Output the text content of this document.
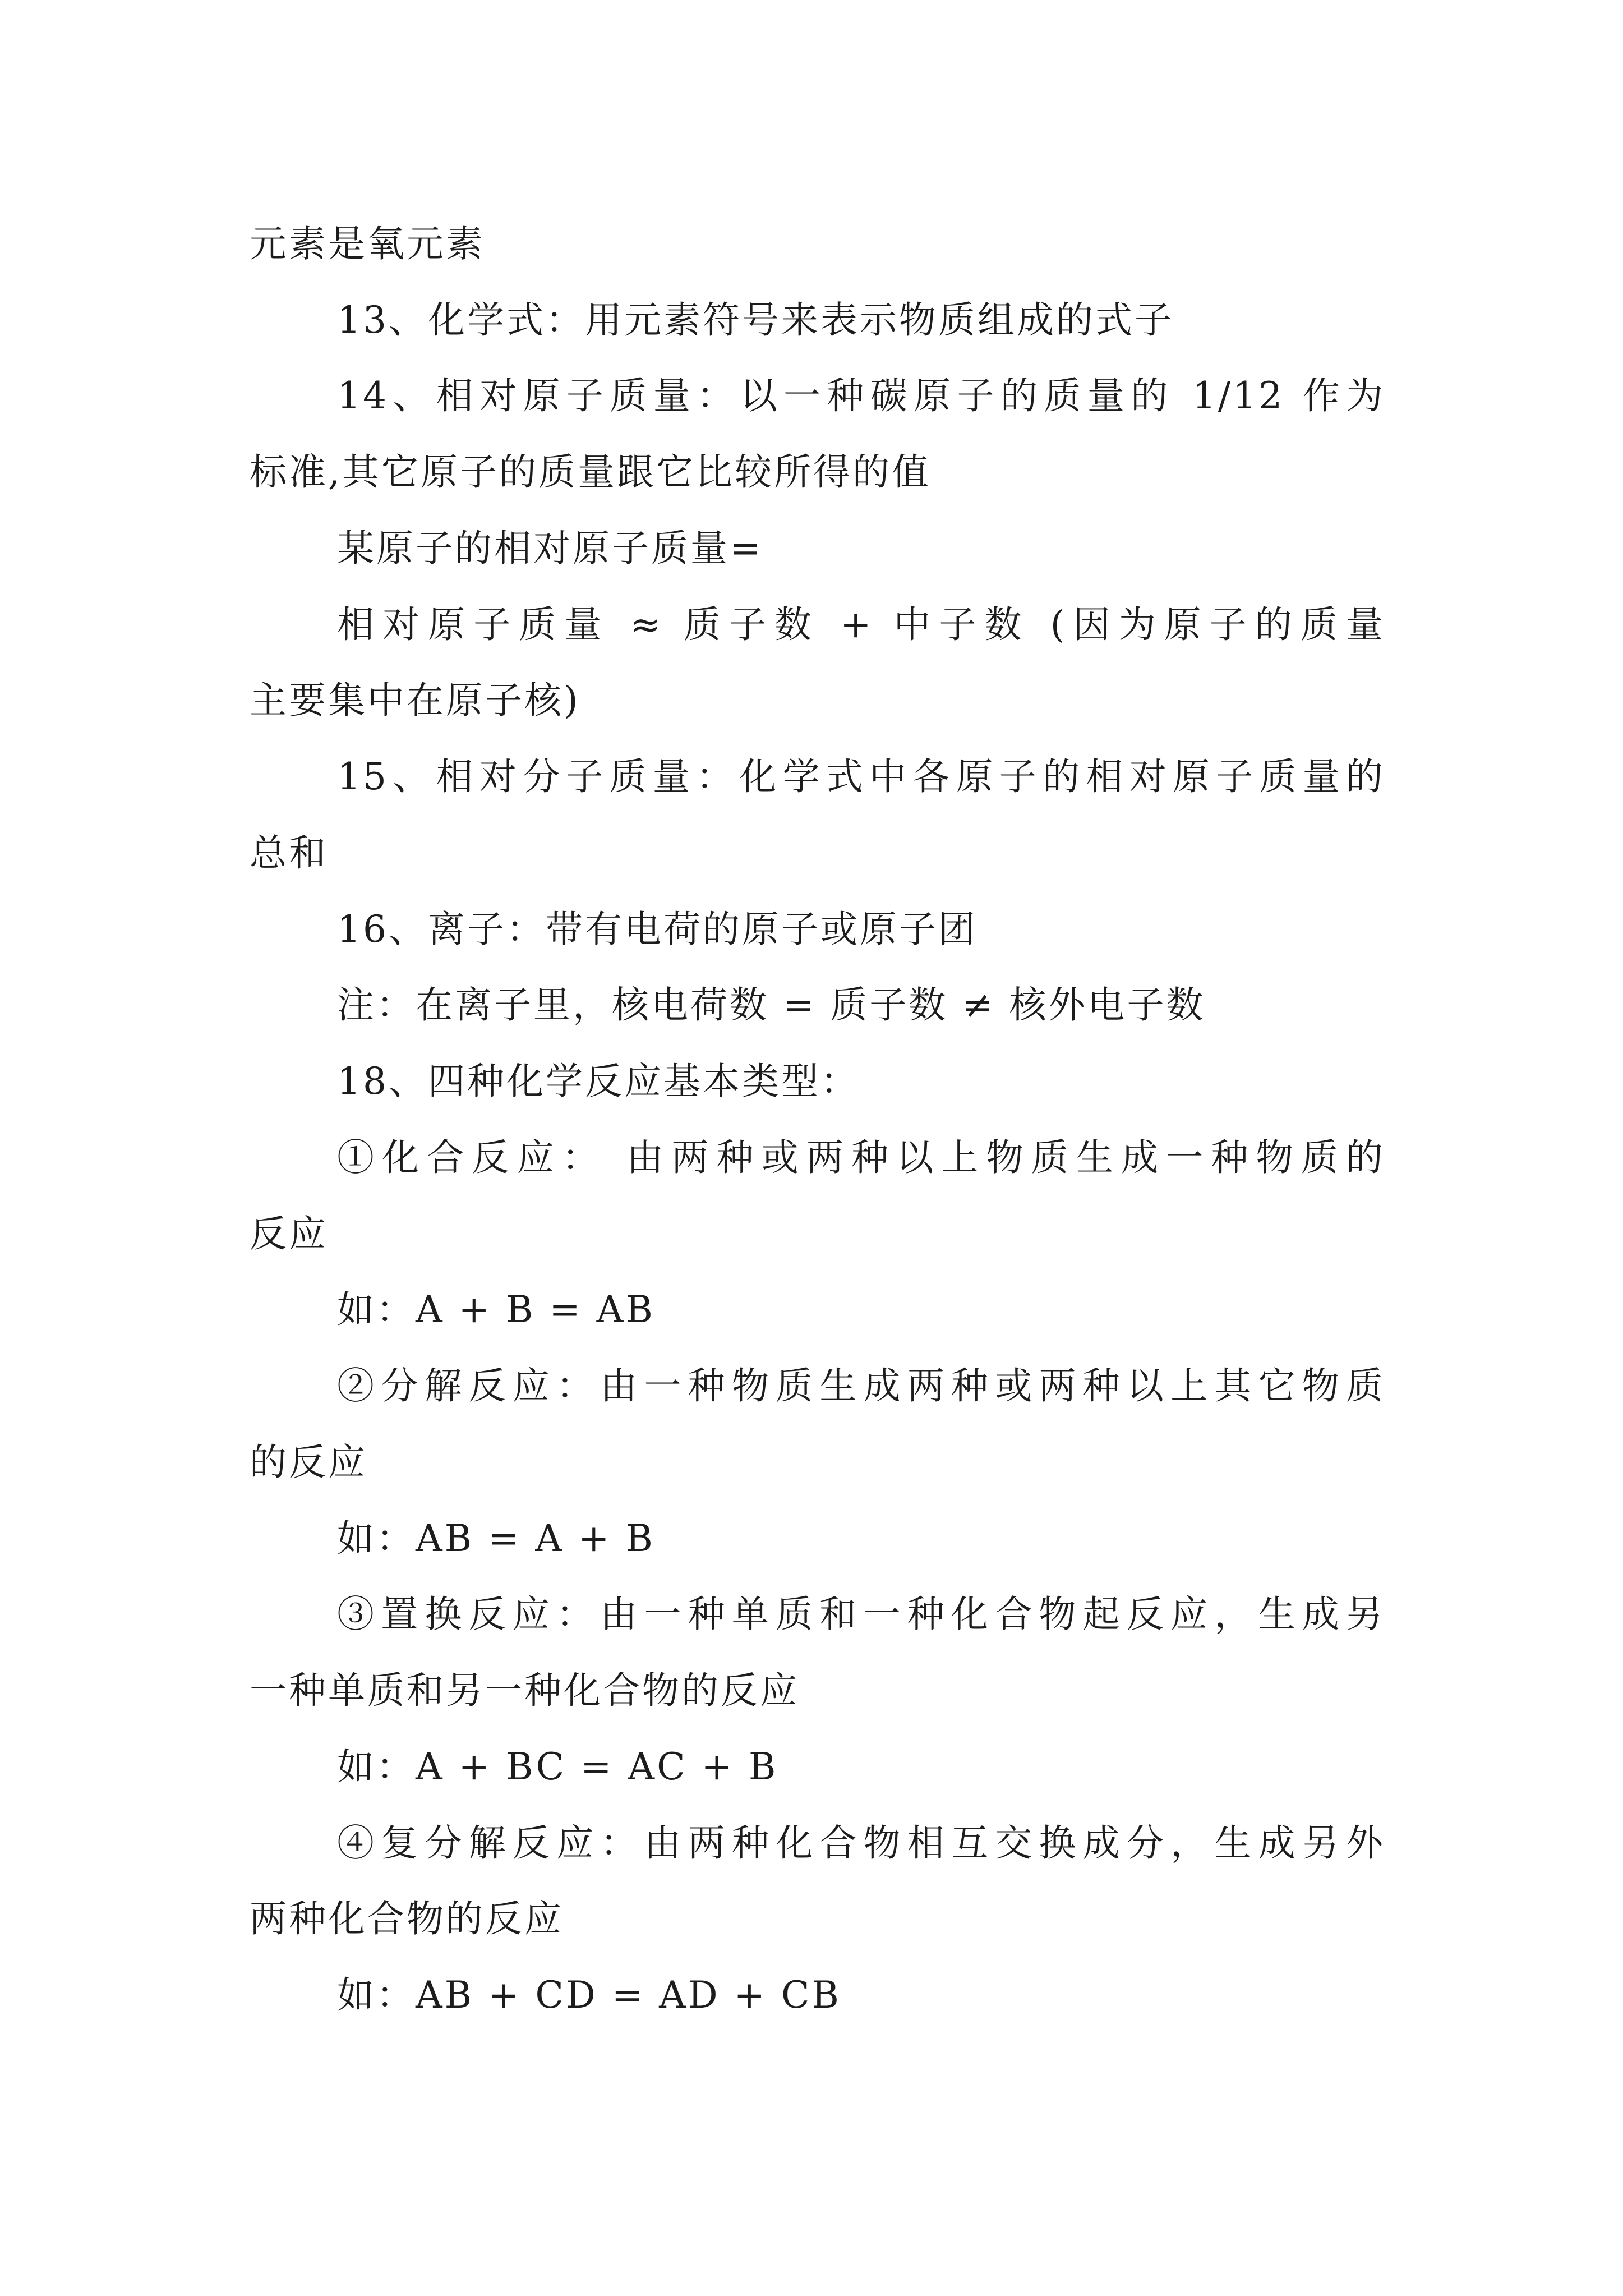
元素是氧元素
13、化学式：用元素符号来表示物质组成的式子
14、相对原子质量：以一种碳原子的质量的 1/12 作为
标准,其它原子的质量跟它比较所得的值
某原子的相对原子质量=
相对原子质量 ≈ 质子数 + 中子数 (因为原子的质量
主要集中在原子核)
15、相对分子质量：化学式中各原子的相对原子质量的
总和
16、离子：带有电荷的原子或原子团
注：在离子里，核电荷数 = 质子数 ≠ 核外电子数
18、四种化学反应基本类型：
①化合反应： 由两种或两种以上物质生成一种物质的
反应
如：A + B = AB
②分解反应：由一种物质生成两种或两种以上其它物质
的反应
如：AB = A + B
③置换反应：由一种单质和一种化合物起反应，生成另
一种单质和另一种化合物的反应
如：A + BC = AC + B
④复分解反应：由两种化合物相互交换成分，生成另外
两种化合物的反应
如：AB + CD = AD + CB
